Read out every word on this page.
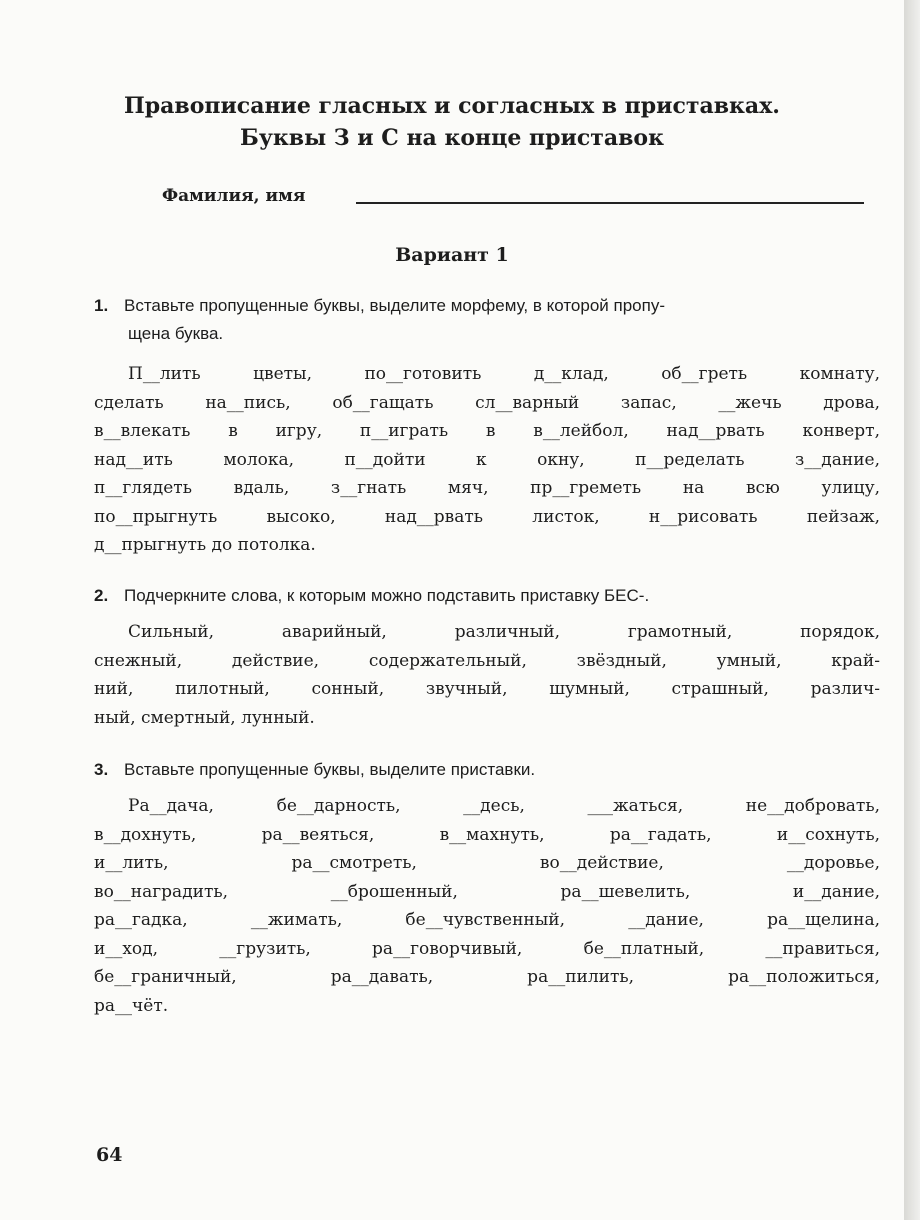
Правописание гласных и согласных в приставках.
Буквы З и С на конце приставок
Фамилия, имя
Вариант 1
1. Вставьте пропущенные буквы, выделите морфему, в которой пропу-
щена буква.
П__лить цветы, по__готовить д__клад, об__греть комнату,
сделать на__пись, об__гащать сл__варный запас, __жечь дрова,
в__влекать в игру, п__играть в в__лейбол, над__рвать конверт,
над__ить молока, п__дойти к окну, п__ределать з__дание,
п__глядеть вдаль, з__гнать мяч, пр__греметь на всю улицу,
по__прыгнуть высоко, над__рвать листок, н__рисовать пейзаж,
д__прыгнуть до потолка.
2. Подчеркните слова, к которым можно подставить приставку БЕС-.
Сильный, аварийный, различный, грамотный, порядок,
снежный, действие, содержательный, звёздный, умный, край-
ний, пилотный, сонный, звучный, шумный, страшный, различ-
ный, смертный, лунный.
3. Вставьте пропущенные буквы, выделите приставки.
Ра__дача, бе__дарность, __десь, ___жаться, не__добровать,
в__дохнуть, ра__веяться, в__махнуть, ра__гадать, и__сохнуть,
и__лить, ра__смотреть, во__действие, __доровье,
во__наградить, __брошенный, ра__шевелить, и__дание,
ра__гадка, __жимать, бе__чувственный, __дание, ра__щелина,
и__ход, __грузить, ра__говорчивый, бе__платный, __правиться,
бе__граничный, ра__давать, ра__пилить, ра__положиться,
ра__чёт.
64
